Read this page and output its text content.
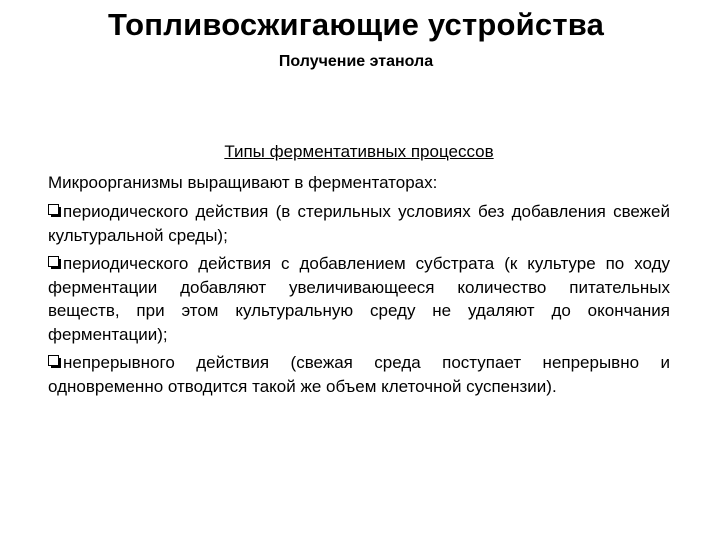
Топливосжигающие устройства
Получение этанола
Типы ферментативных процессов
Микроорганизмы выращивают в ферментаторах:
периодического действия (в стерильных условиях без добавления свежей культуральной среды);
периодического действия с добавлением субстрата (к культуре по ходу ферментации добавляют увеличивающееся количество питательных веществ, при этом культуральную среду не удаляют до окончания ферментации);
непрерывного действия (свежая среда поступает непрерывно и одновременно отводится такой же объем клеточной суспензии).
